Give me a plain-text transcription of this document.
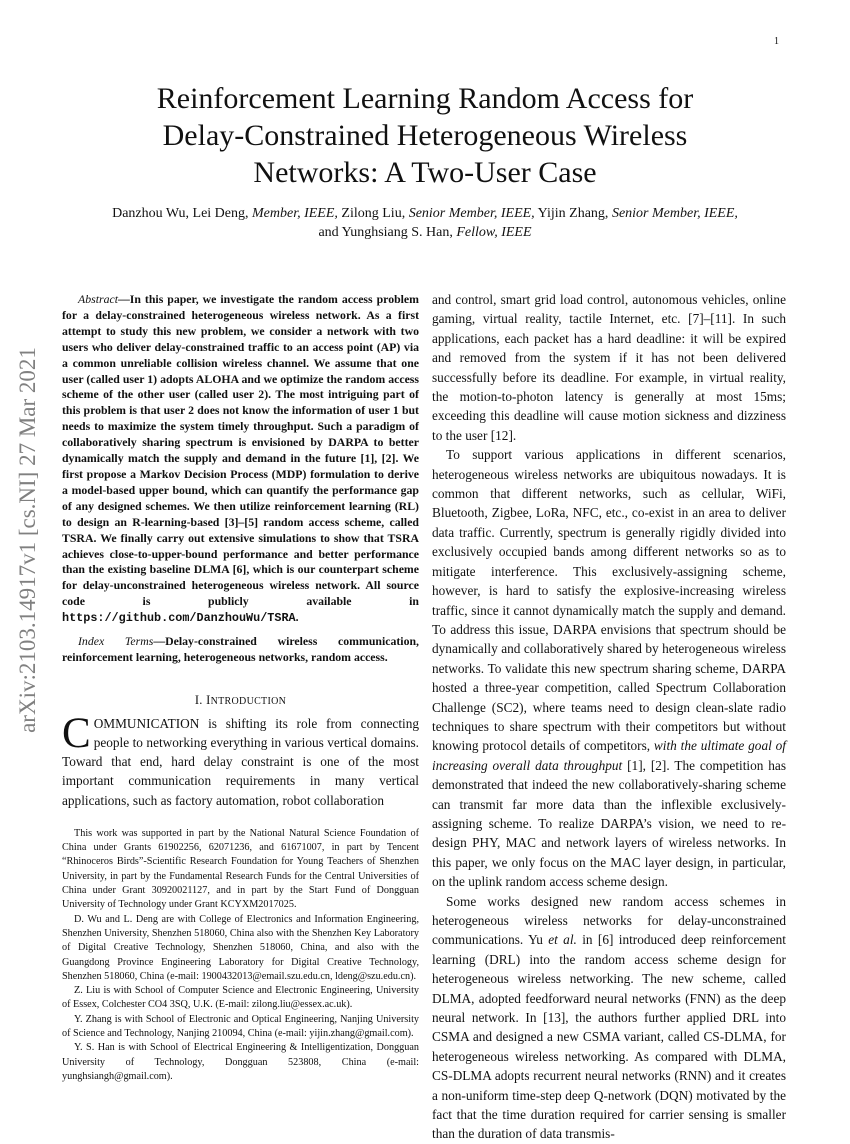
1
arXiv:2103.14917v1 [cs.NI] 27 Mar 2021
Reinforcement Learning Random Access for
Delay-Constrained Heterogeneous Wireless
Networks: A Two-User Case
Danzhou Wu, Lei Deng, Member, IEEE, Zilong Liu, Senior Member, IEEE, Yijin Zhang, Senior Member, IEEE,
and Yunghsiang S. Han, Fellow, IEEE

Abstract—In this paper, we investigate the random access problem for a delay-constrained heterogeneous wireless network. As a first attempt to study this new problem, we consider a network with two users who deliver delay-constrained traffic to an access point (AP) via a common unreliable collision wireless channel. We assume that one user (called user 1) adopts ALOHA and we optimize the random access scheme of the other user (called user 2). The most intriguing part of this problem is that user 2 does not know the information of user 1 but needs to maximize the system timely throughput. Such a paradigm of collaboratively sharing spectrum is envisioned by DARPA to better dynamically match the supply and demand in the future [1], [2]. We first propose a Markov Decision Process (MDP) formulation to derive a model-based upper bound, which can quantify the performance gap of any designed schemes. We then utilize reinforcement learning (RL) to design an R-learning-based [3]–[5] random access scheme, called TSRA. We finally carry out extensive simulations to show that TSRA achieves close-to-upper-bound performance and better performance than the existing baseline DLMA [6], which is our counterpart scheme for delay-unconstrained heterogeneous wireless network. All source code is publicly available in https://github.com/DanzhouWu/TSRA.

Index Terms—Delay-constrained wireless communication, reinforcement learning, heterogeneous networks, random access.

I. INTRODUCTION

COMMUNICATION is shifting its role from connecting people to networking everything in various vertical domains. Toward that end, hard delay constraint is one of the most important communication requirements in many vertical applications, such as factory automation, robot collaboration

This work was supported in part by the National Natural Science Foundation of China under Grants 61902256, 62071236, and 61671007, in part by Tencent “Rhinoceros Birds”-Scientific Research Foundation for Young Teachers of Shenzhen University, in part by the Fundamental Research Funds for the Central Universities of China under Grant 30920021127, and in part by the Start Fund of Dongguan University of Technology under Grant KCYXM2017025.

D. Wu and L. Deng are with College of Electronics and Information Engineering, Shenzhen University, Shenzhen 518060, China also with the Shenzhen Key Laboratory of Digital Creative Technology, Shenzhen 518060, China, and also with the Guangdong Province Engineering Laboratory for Digital Creative Technology, Shenzhen 518060, China (e-mail: 1900432013@email.szu.edu.cn, ldeng@szu.edu.cn).

Z. Liu is with School of Computer Science and Electronic Engineering, University of Essex, Colchester CO4 3SQ, U.K. (E-mail: zilong.liu@essex.ac.uk).

Y. Zhang is with School of Electronic and Optical Engineering, Nanjing University of Science and Technology, Nanjing 210094, China (e-mail: yijin.zhang@gmail.com).

Y. S. Han is with School of Electrical Engineering & Intelligentization, Dongguan University of Technology, Dongguan 523808, China (e-mail: yunghsiangh@gmail.com).

and control, smart grid load control, autonomous vehicles, online gaming, virtual reality, tactile Internet, etc. [7]–[11]. In such applications, each packet has a hard deadline: it will be expired and removed from the system if it has not been delivered successfully before its deadline. For example, in virtual reality, the motion-to-photon latency is generally at most 15ms; exceeding this deadline will cause motion sickness and dizziness to the user [12].

To support various applications in different scenarios, heterogeneous wireless networks are ubiquitous nowadays. It is common that different networks, such as cellular, WiFi, Bluetooth, Zigbee, LoRa, NFC, etc., co-exist in an area to deliver data traffic. Currently, spectrum is generally rigidly divided into exclusively occupied bands among different networks so as to mitigate interference. This exclusively-assigning scheme, however, is hard to satisfy the explosive-increasing wireless traffic, since it cannot dynamically match the supply and demand. To address this issue, DARPA envisions that spectrum should be dynamically and collaboratively shared by heterogeneous wireless networks. To validate this new spectrum sharing scheme, DARPA hosted a three-year competition, called Spectrum Collaboration Challenge (SC2), where teams need to design clean-slate radio techniques to share spectrum with their competitors but without knowing protocol details of competitors, with the ultimate goal of increasing overall data throughput [1], [2]. The competition has demonstrated that indeed the new collaboratively-sharing scheme can transmit far more data than the inflexible exclusively-assigning scheme. To realize DARPA’s vision, we need to re-design PHY, MAC and network layers of wireless networks. In this paper, we only focus on the MAC layer design, in particular, on the uplink random access scheme design.

Some works designed new random access schemes in heterogeneous wireless networks for delay-unconstrained communications. Yu et al. in [6] introduced deep reinforcement learning (DRL) into the random access scheme design for heterogeneous wireless networking. The new scheme, called DLMA, adopted feedforward neural networks (FNN) as the deep neural network. In [13], the authors further applied DRL into CSMA and designed a new CSMA variant, called CS-DLMA, for heterogeneous wireless networking. As compared with DLMA, CS-DLMA adopts recurrent neural networks (RNN) and it creates a non-uniform time-step deep Q-network (DQN) motivated by the fact that the time duration required for carrier sensing is smaller than the duration of data transmis-
